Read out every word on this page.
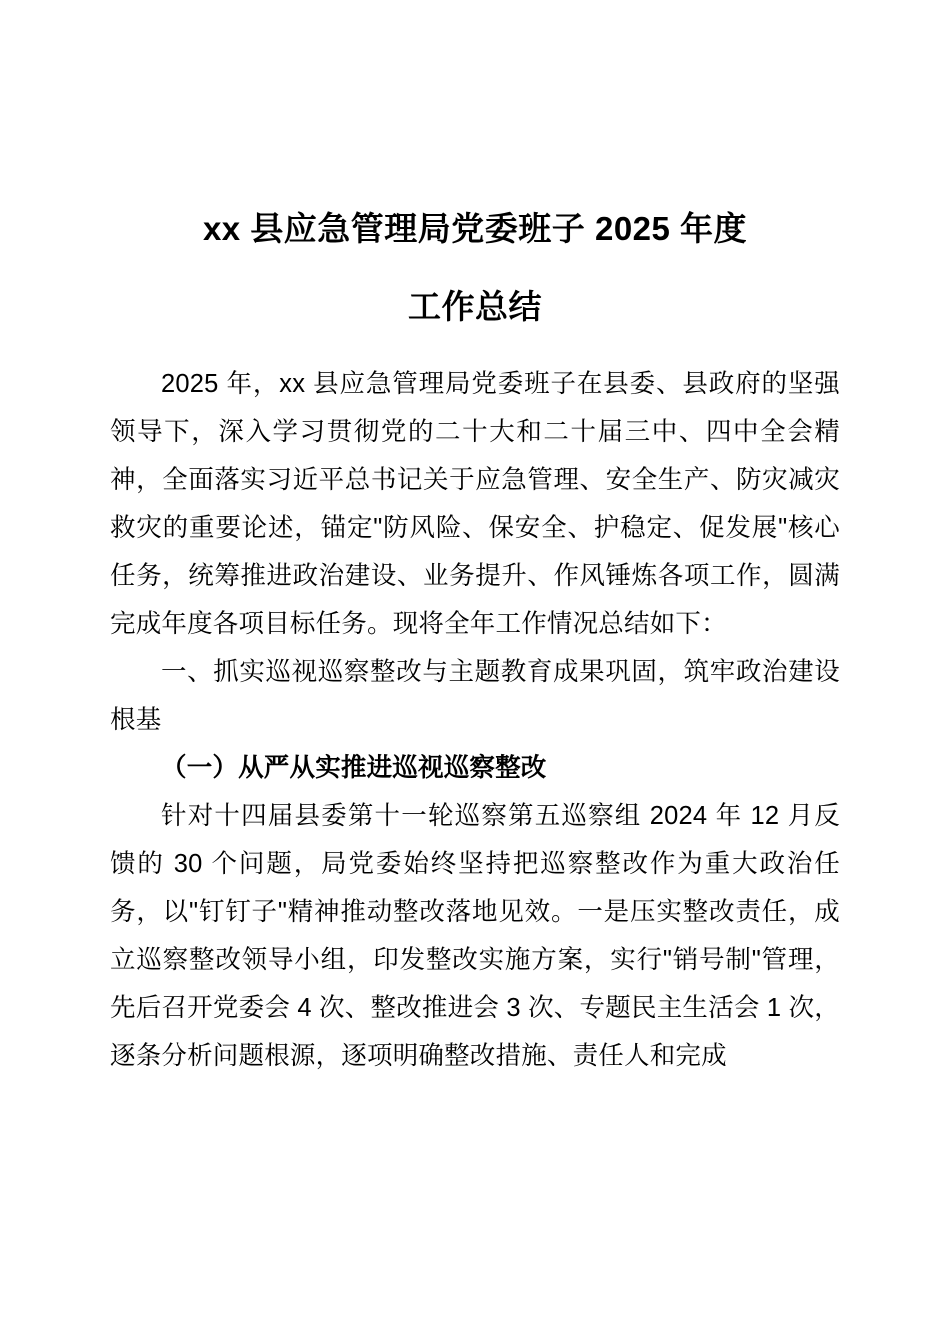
xx 县应急管理局党委班子 2025 年度
工作总结

2025 年，xx 县应急管理局党委班子在县委、县政府的坚强领导下，深入学习贯彻党的二十大和二十届三中、四中全会精神，全面落实习近平总书记关于应急管理、安全生产、防灾减灾救灾的重要论述，锚定"防风险、保安全、护稳定、促发展"核心任务，统筹推进政治建设、业务提升、作风锤炼各项工作，圆满完成年度各项目标任务。现将全年工作情况总结如下：

一、抓实巡视巡察整改与主题教育成果巩固，筑牢政治建设根基

（一）从严从实推进巡视巡察整改

针对十四届县委第十一轮巡察第五巡察组 2024 年 12 月反馈的 30 个问题，局党委始终坚持把巡察整改作为重大政治任务，以"钉钉子"精神推动整改落地见效。一是压实整改责任，成立巡察整改领导小组，印发整改实施方案，实行"销号制"管理，先后召开党委会 4 次、整改推进会 3 次、专题民主生活会 1 次，逐条分析问题根源，逐项明确整改措施、责任人和完成
